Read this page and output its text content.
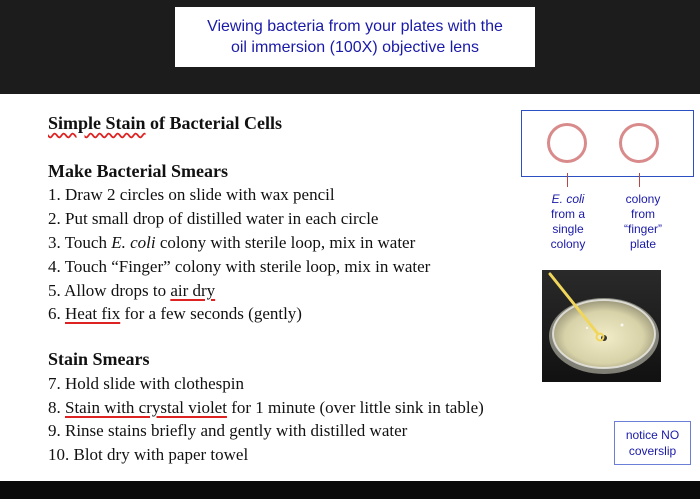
Viewing bacteria from your plates with the
oil immersion (100X) objective lens
Simple Stain of Bacterial Cells
Make Bacterial Smears
1. Draw 2 circles on slide with wax pencil
2. Put small drop of distilled water in each circle
3. Touch E. coli colony with sterile loop, mix in water
4. Touch “Finger” colony with sterile loop, mix in water
5. Allow drops to air dry
6. Heat fix for a few seconds (gently)
Stain Smears
7. Hold slide with clothespin
8. Stain with crystal violet for 1 minute (over little sink in table)
9. Rinse stains briefly and gently with distilled water
10. Blot dry with paper towel
E. coli
from a
single
colony
colony
from
“finger”
plate
notice NO
coverslip
